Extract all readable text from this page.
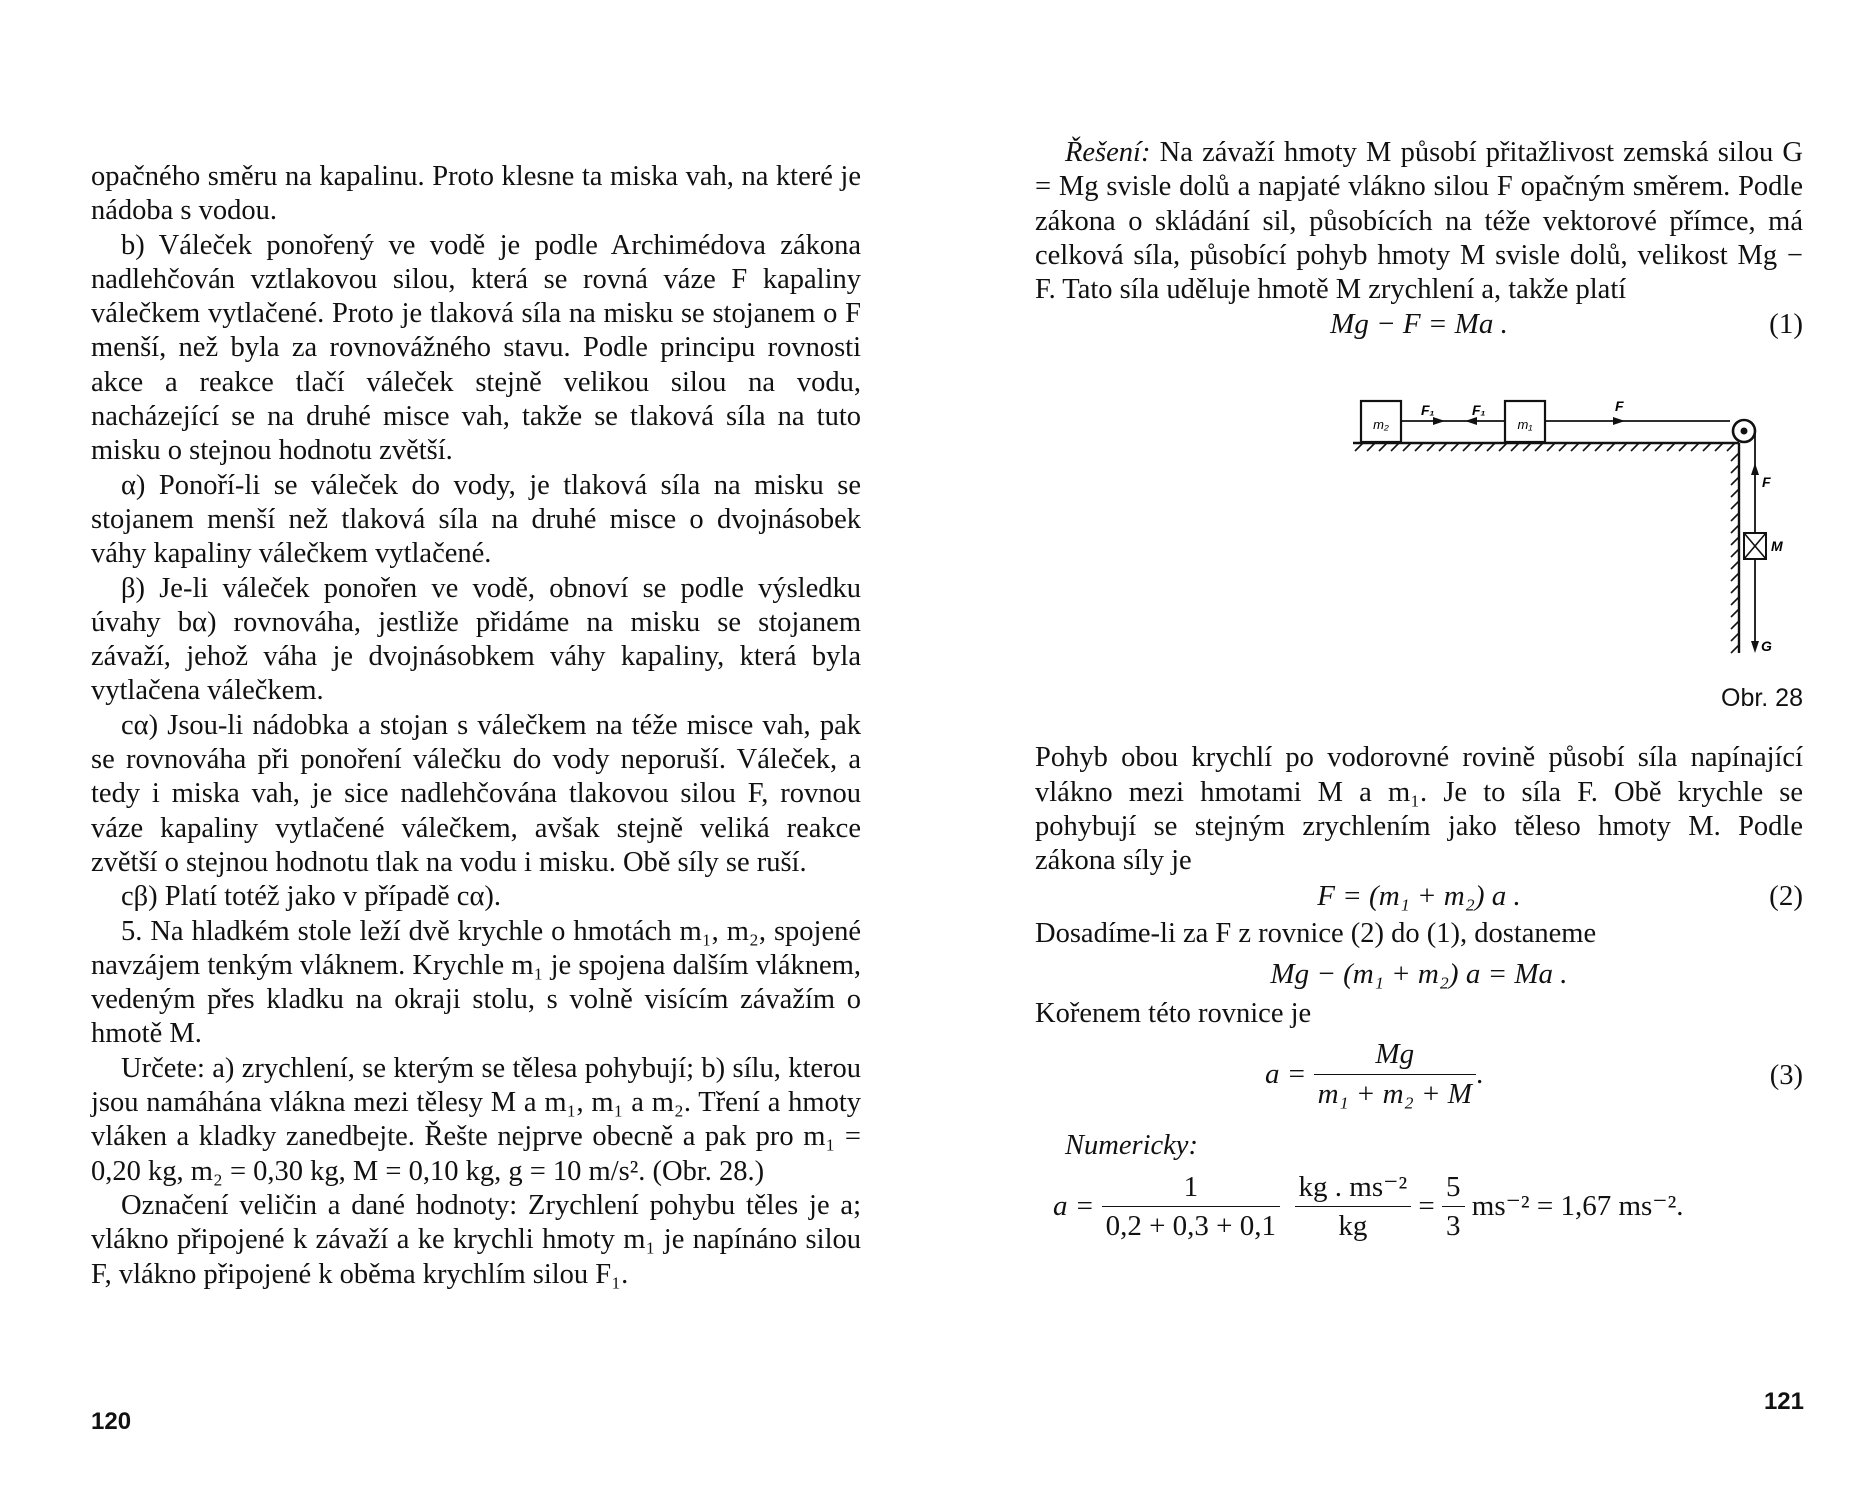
opačného směru na kapalinu. Proto klesne ta miska vah, na které je nádoba s vodou.

b) Váleček ponořený ve vodě je podle Archimédova zákona nadlehčován vztlakovou silou, která se rovná váze F kapaliny válečkem vytlačené. Proto je tlaková síla na misku se stojanem o F menší, než byla za rovnovážného stavu. Podle principu rovnosti akce a reakce tlačí váleček stejně velikou silou na vodu, nacházející se na druhé misce vah, takže se tlaková síla na tuto misku o stejnou hodnotu zvětší.

α) Ponoří-li se váleček do vody, je tlaková síla na misku se stojanem menší než tlaková síla na druhé misce o dvojnásobek váhy kapaliny válečkem vytlačené.

β) Je-li váleček ponořen ve vodě, obnoví se podle výsledku úvahy bα) rovnováha, jestliže přidáme na misku se stojanem závaží, jehož váha je dvojnásobkem váhy kapaliny, která byla vytlačena válečkem.

cα) Jsou-li nádobka a stojan s válečkem na téže misce vah, pak se rovnováha při ponoření válečku do vody neporuší. Váleček, a tedy i miska vah, je sice nadlehčována tlakovou silou F, rovnou váze kapaliny vytlačené válečkem, avšak stejně veliká reakce zvětší o stejnou hodnotu tlak na vodu i misku. Obě síly se ruší.

cβ) Platí totéž jako v případě cα).

5. Na hladkém stole leží dvě krychle o hmotách m₁, m₂, spojené navzájem tenkým vláknem. Krychle m₁ je spojena dalším vláknem, vedeným přes kladku na okraji stolu, s volně visícím závažím o hmotě M.

Určete: a) zrychlení, se kterým se tělesa pohybují; b) sílu, kterou jsou namáhána vlákna mezi tělesy M a m₁, m₁ a m₂. Tření a hmoty vláken a kladky zanedbejte. Řešte nejprve obecně a pak pro m₁ = 0,20 kg, m₂ = 0,30 kg, M = 0,10 kg, g = 10 m/s². (Obr. 28.)

Označení veličin a dané hodnoty: Zrychlení pohybu těles je a; vlákno připojené k závaží a ke krychli hmoty m₁ je napínáno silou F, vlákno připojené k oběma krychlím silou F₁.

120

Řešení: Na závaží hmoty M působí přitažlivost zemská silou G = Mg svisle dolů a napjaté vlákno silou F opačným směrem. Podle zákona o skládání sil, působících na téže vektorové přímce, má celková síla, působící pohyb hmoty M svisle dolů, velikost Mg − F. Tato síla uděluje hmotě M zrychlení a, takže platí

Mg − F = Ma .	(1)
m₂	m₁
F₁	F₁	F
F
M
G
Obr. 28

Pohyb obou krychlí po vodorovné rovině působí síla napínající vlákno mezi hmotami M a m₁. Je to síla F. Obě krychle se pohybují se stejným zrychlením jako těleso hmoty M. Podle zákona síly je

F = (m₁ + m₂) a .	(2)

Dosadíme-li za F z rovnice (2) do (1), dostaneme

Mg − (m₁ + m₂) a = Ma .

Kořenem této rovnice je

a =
$\frac{Mg}{\text{m₁ + m₂ + M}}$ .	(3)

Numericky:

a =
$\frac{1}{0,2 + 0,3 + 0,1}$
$\frac{\text{kg . ms⁻²}}{kg}$
=
$\frac{5}{3}$
ms⁻² = 1,67 ms⁻².
121
